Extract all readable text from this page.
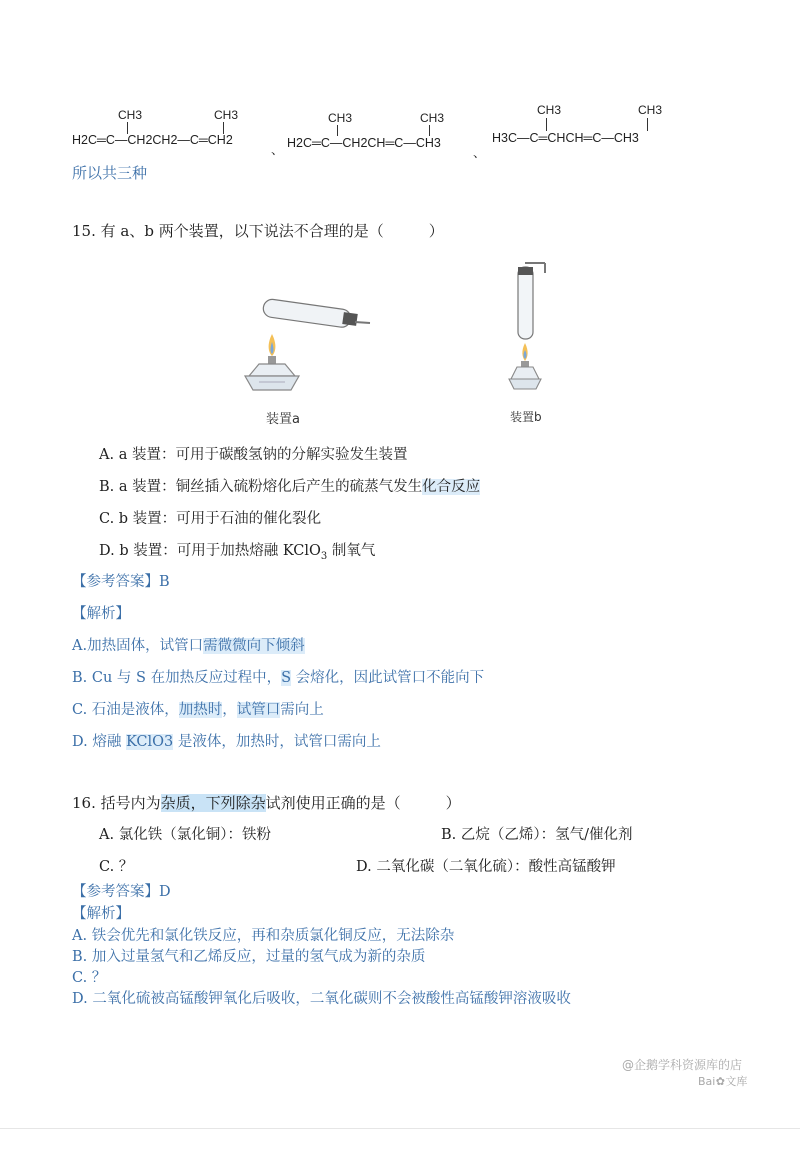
CH3	CH3
H2C═C—CH2CH2—C═CH2
、
CH3	CH3
H2C═C—CH2CH═C—CH3
、
CH3	CH3
H3C—C═CHCH═C—CH3
所以共三种
15. 有 a、b 两个装置，以下说法不合理的是（　　　）
装置a	装置b
A. a 装置：可用于碳酸氢钠的分解实验发生装置
B. a 装置：铜丝插入硫粉熔化后产生的硫蒸气发生化合反应
C. b 装置：可用于石油的催化裂化
D. b 装置：可用于加热熔融 KClO$_3$ 制氧气
【参考答案】B
【解析】
A.加热固体，试管口需微微向下倾斜
B. Cu 与 S 在加热反应过程中，S 会熔化，因此试管口不能向下
C. 石油是液体，加热时，试管口需向上
D. 熔融 KClO3 是液体，加热时，试管口需向上
16. 括号内为杂质，下列除杂试剂使用正确的是（　　　）
A. 氯化铁（氯化铜）：铁粉	B. 乙烷（乙烯）：氢气/催化剂
C. ？	D. 二氧化碳（二氧化硫）：酸性高锰酸钾
【参考答案】D
【解析】
A. 铁会优先和氯化铁反应，再和杂质氯化铜反应，无法除杂
B. 加入过量氢气和乙烯反应，过量的氢气成为新的杂质
C. ？
D. 二氧化硫被高锰酸钾氧化后吸收，二氧化碳则不会被酸性高锰酸钾溶液吸收
@企鹅学科资源库的店
Bai✿文库
